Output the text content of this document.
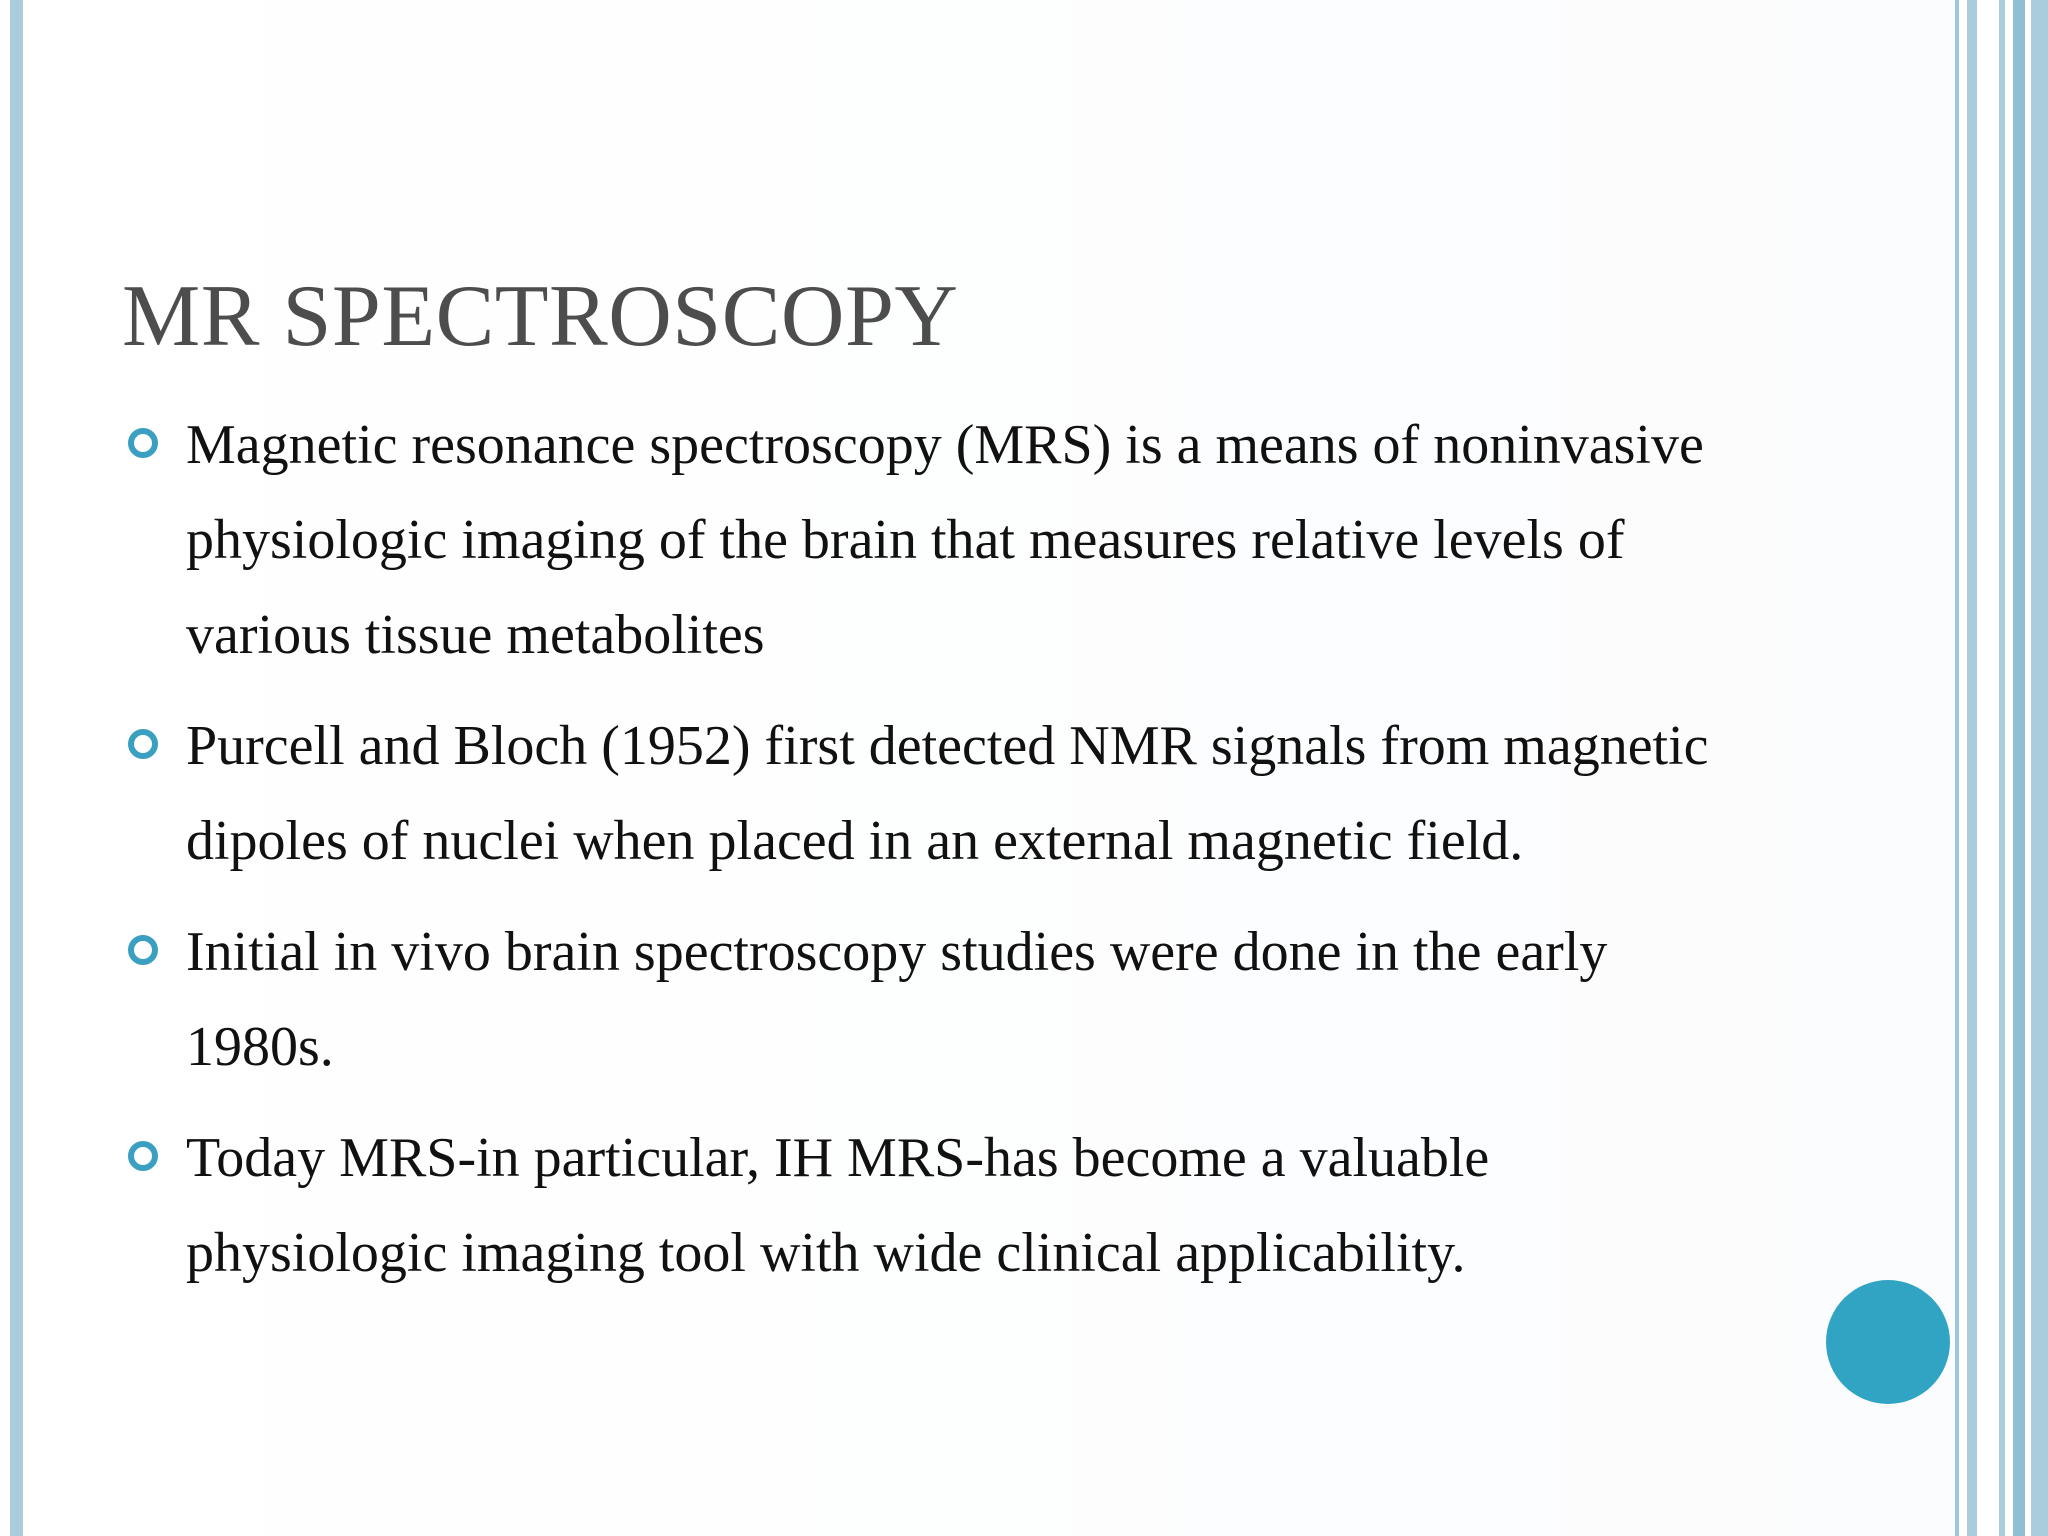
MR SPECTROSCOPY
Magnetic resonance spectroscopy (MRS) is a means of noninvasive physiologic imaging of the brain that measures relative levels of various tissue metabolites
Purcell and Bloch (1952) first detected NMR signals from magnetic dipoles of nuclei when placed in an external magnetic field.
Initial in vivo brain spectroscopy studies were done in the early 1980s.
Today MRS-in particular, IH MRS-has become a valuable physiologic imaging tool with wide clinical applicability.
